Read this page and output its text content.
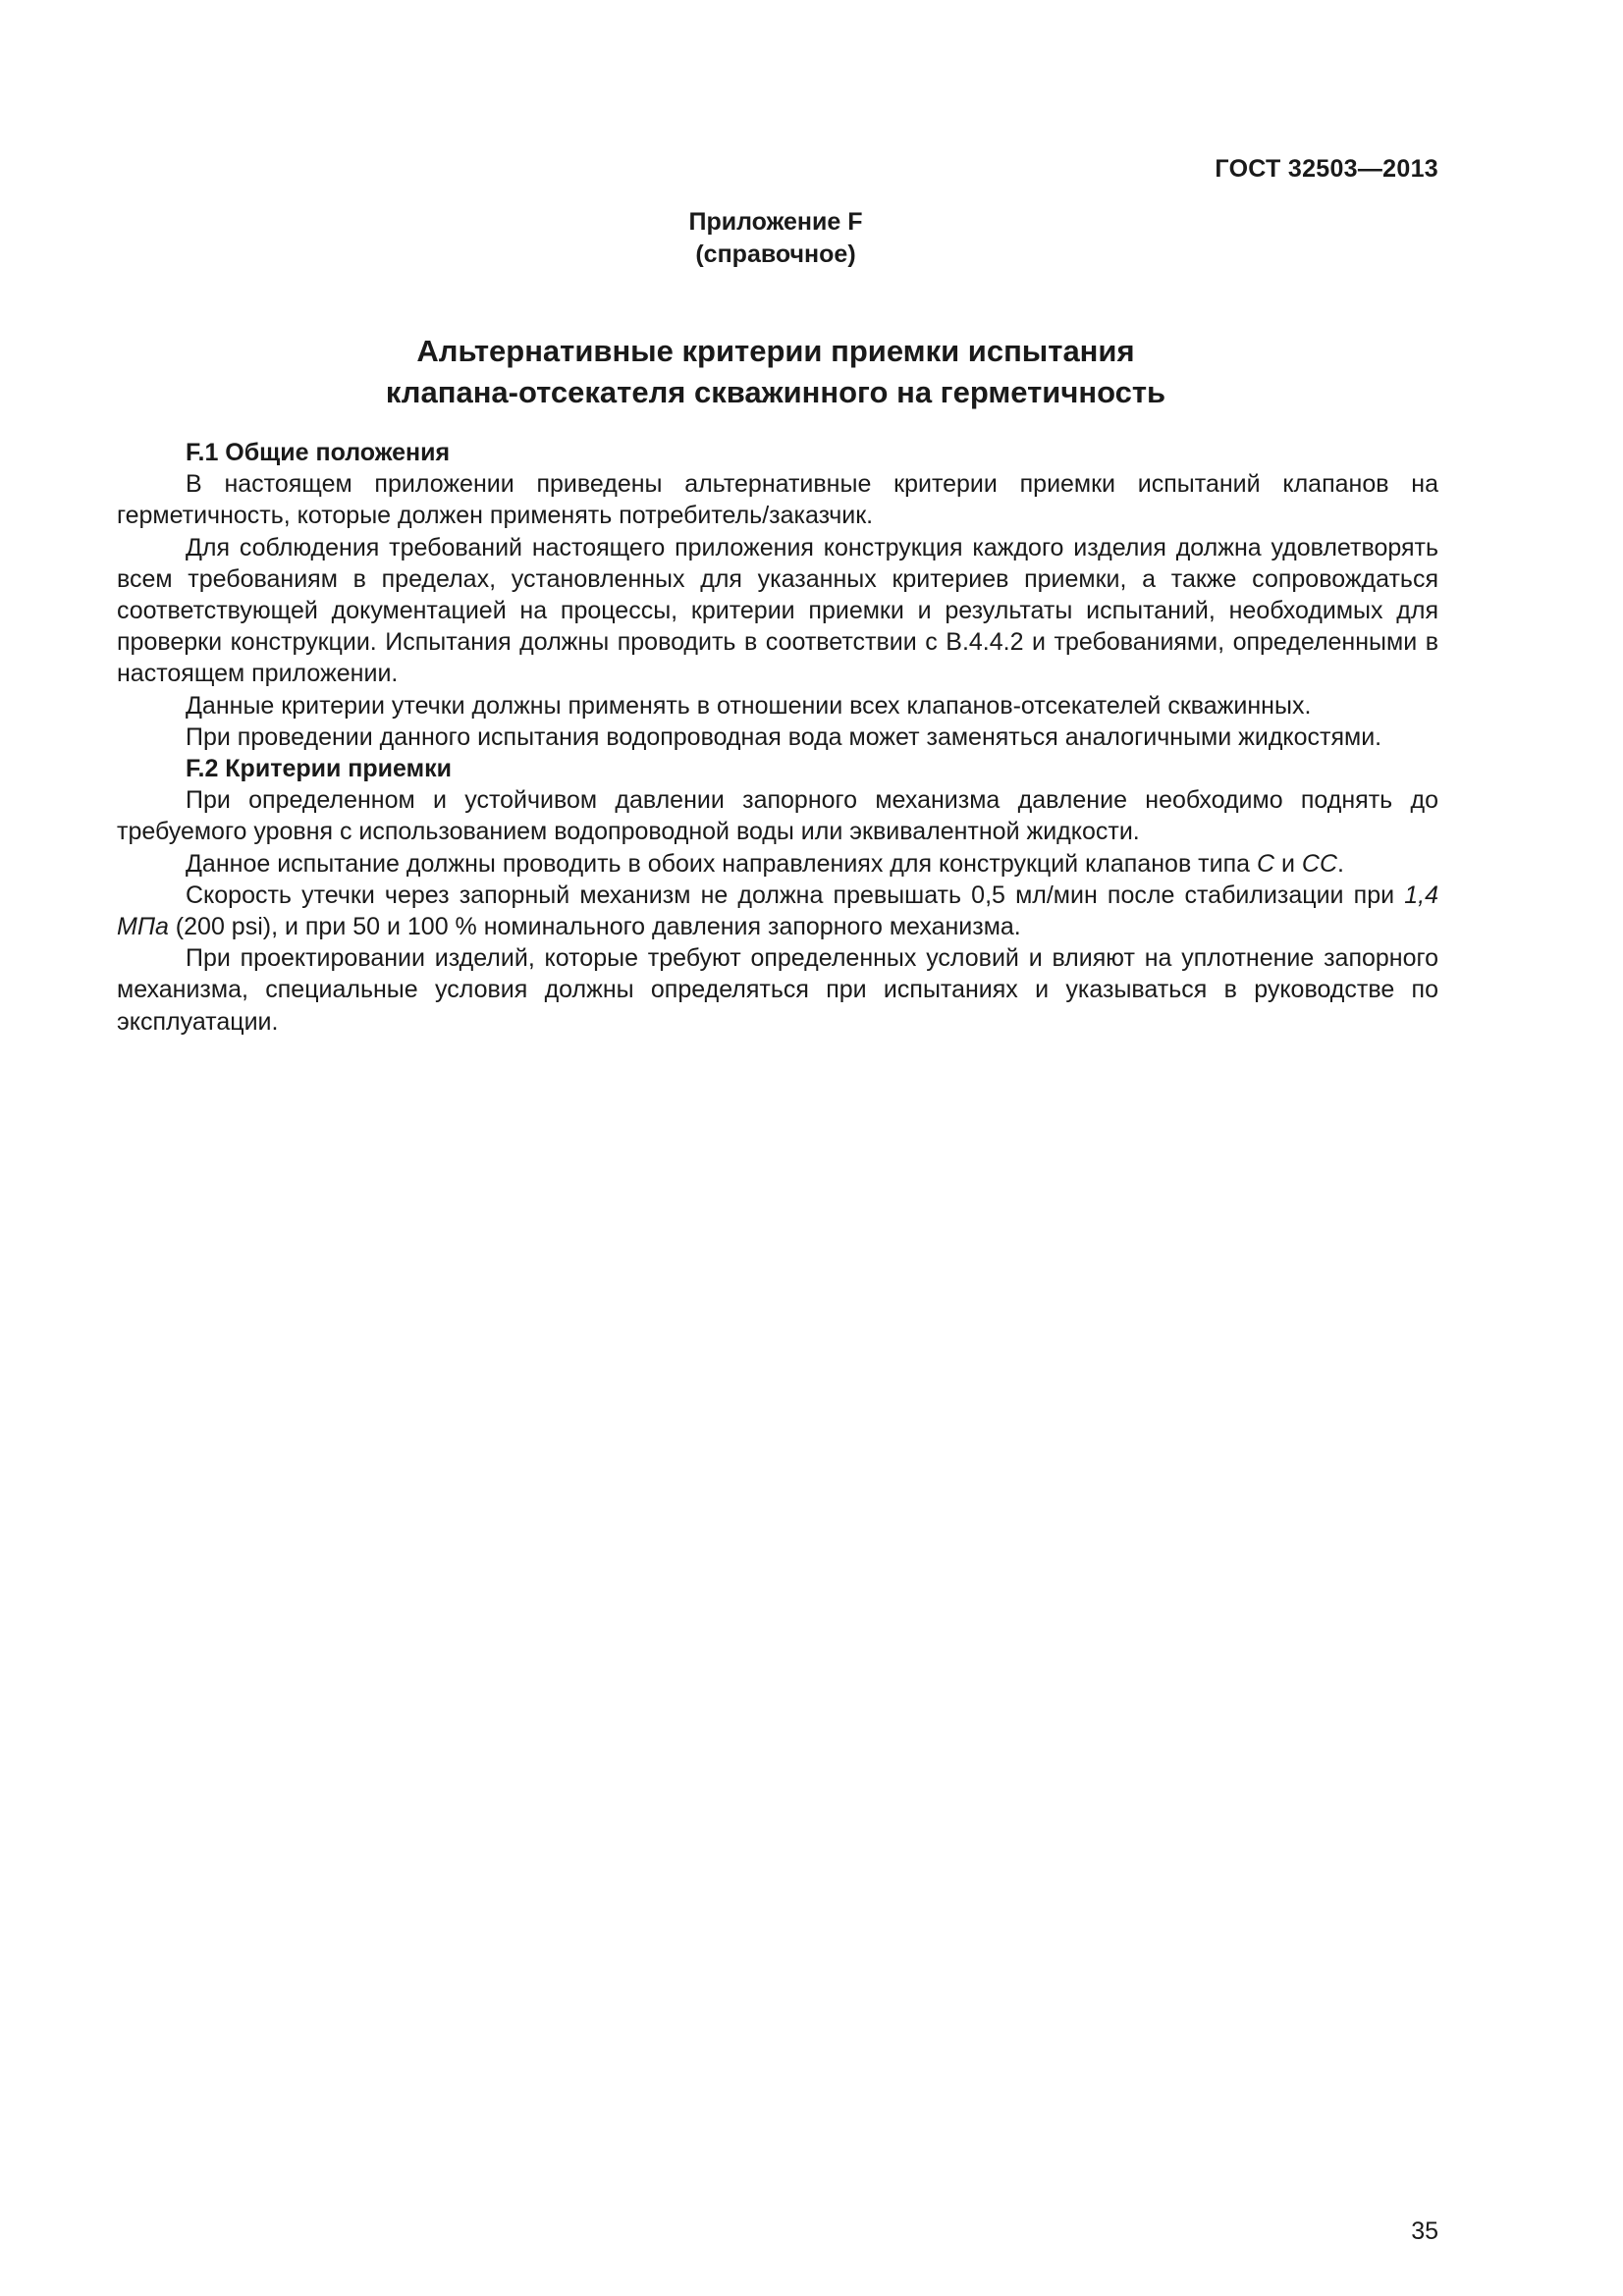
ГОСТ 32503—2013
Приложение F
(справочное)
Альтернативные критерии приемки испытания
клапана-отсекателя скважинного на герметичность
F.1 Общие положения

В настоящем приложении приведены альтернативные критерии приемки испытаний клапанов на герметичность, которые должен применять потребитель/заказчик.

Для соблюдения требований настоящего приложения конструкция каждого изделия должна удовлетворять всем требованиям в пределах, установленных для указанных критериев приемки, а также сопровождаться соответствующей документацией на процессы, критерии приемки и результаты испытаний, необходимых для проверки конструкции. Испытания должны проводить в соответствии с В.4.4.2 и требованиями, определенными в настоящем приложении.

Данные критерии утечки должны применять в отношении всех клапанов-отсекателей скважинных.

При проведении данного испытания водопроводная вода может заменяться аналогичными жидкостями.

F.2 Критерии приемки

При определенном и устойчивом давлении запорного механизма давление необходимо поднять до требуемого уровня с использованием водопроводной воды или эквивалентной жидкости.

Данное испытание должны проводить в обоих направлениях для конструкций клапанов типа С и СС.

Скорость утечки через запорный механизм не должна превышать 0,5 мл/мин после стабилизации при 1,4 МПа (200 psi), и при 50 и 100 % номинального давления запорного механизма.

При проектировании изделий, которые требуют определенных условий и влияют на уплотнение запорного механизма, специальные условия должны определяться при испытаниях и указываться в руководстве по эксплуатации.

35
